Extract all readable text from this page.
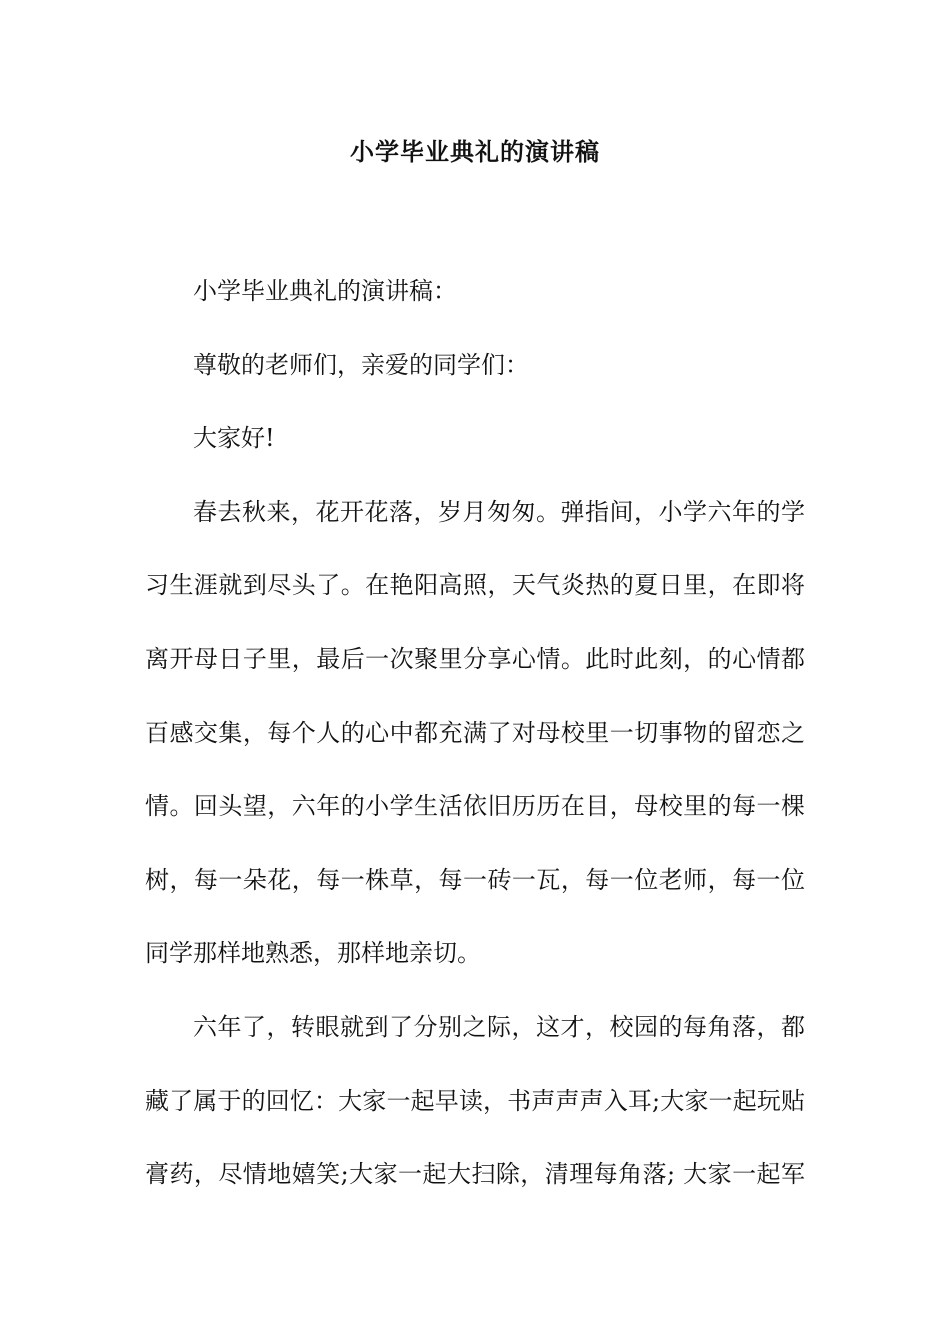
小学毕业典礼的演讲稿
小学毕业典礼的演讲稿：
尊敬的老师们，亲爱的同学们：
大家好!
春去秋来，花开花落，岁月匆匆。弹指间，小学六年的学
习生涯就到尽头了。在艳阳高照，天气炎热的夏日里，在即将
离开母日子里，最后一次聚里分享心情。此时此刻，的心情都
百感交集，每个人的心中都充满了对母校里一切事物的留恋之
情。回头望，六年的小学生活依旧历历在目，母校里的每一棵
树，每一朵花，每一株草，每一砖一瓦，每一位老师，每一位
同学那样地熟悉，那样地亲切。
六年了，转眼就到了分别之际，这才，校园的每角落，都
藏了属于的回忆：大家一起早读，书声声声入耳;大家一起玩贴
膏药，尽情地嬉笑;大家一起大扫除，清理每角落; 大家一起军
